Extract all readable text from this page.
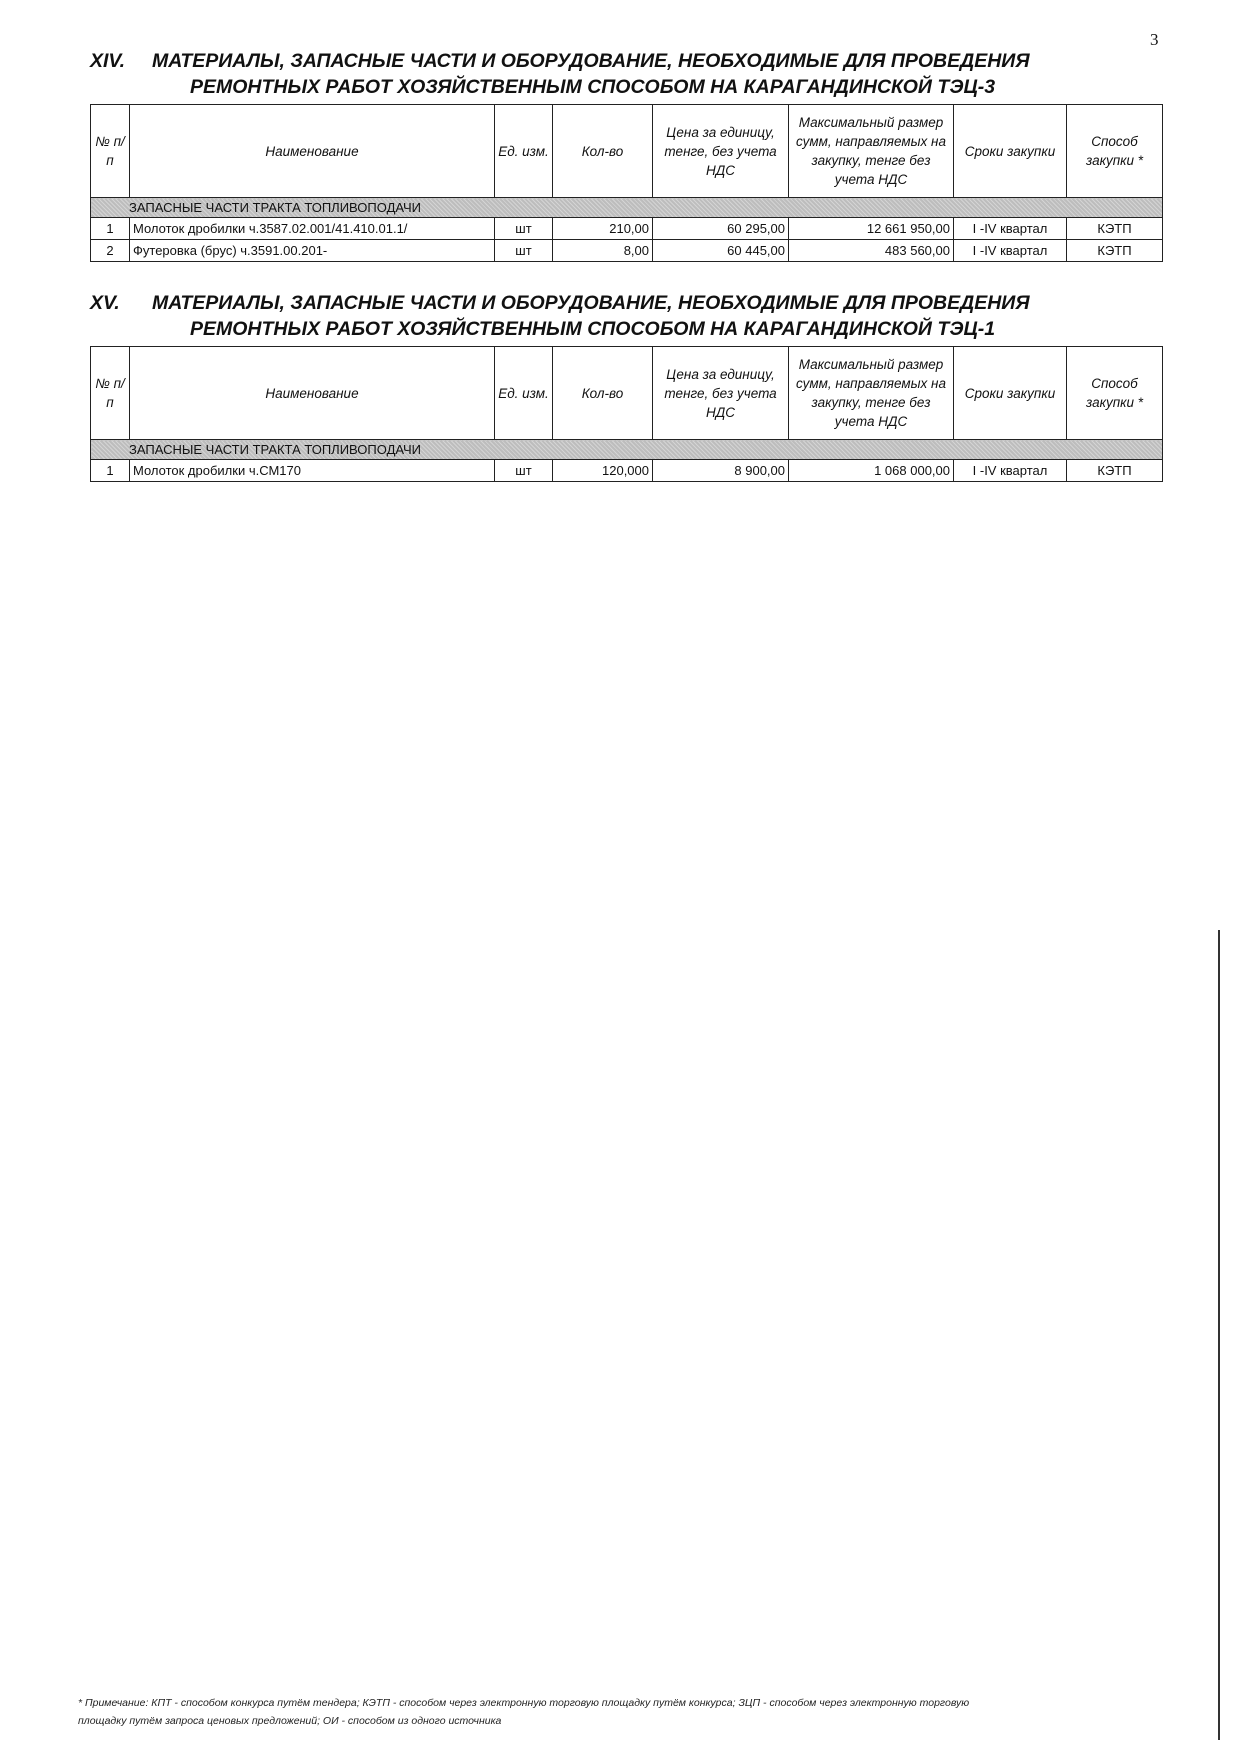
3
XIV.	МАТЕРИАЛЫ, ЗАПАСНЫЕ ЧАСТИ И ОБОРУДОВАНИЕ, НЕОБХОДИМЫЕ ДЛЯ ПРОВЕДЕНИЯ
РЕМОНТНЫХ РАБОТ ХОЗЯЙСТВЕННЫМ СПОСОБОМ НА КАРАГАНДИНСКОЙ ТЭЦ-3
№ п/п	Наименование	Ед. изм.	Кол-во	Цена за единицу, тенге, без учета НДС	Максимальный размер сумм, направляемых на закупку, тенге без учета НДС	Сроки закупки	Способ закупки *
ЗАПАСНЫЕ ЧАСТИ ТРАКТА ТОПЛИВОПОДАЧИ							
1	Молоток дробилки ч.3587.02.001/41.410.01.1/	шт	210,00	60 295,00	12 661 950,00	I -IV квартал	КЭТП
2	Футеровка (брус) ч.3591.00.201-	шт	8,00	60 445,00	483 560,00	I -IV квартал	КЭТП
XV.	МАТЕРИАЛЫ, ЗАПАСНЫЕ ЧАСТИ И ОБОРУДОВАНИЕ, НЕОБХОДИМЫЕ ДЛЯ ПРОВЕДЕНИЯ
РЕМОНТНЫХ РАБОТ ХОЗЯЙСТВЕННЫМ СПОСОБОМ НА КАРАГАНДИНСКОЙ ТЭЦ-1
№ п/п	Наименование	Ед. изм.	Кол-во	Цена за единицу, тенге, без учета НДС	Максимальный размер сумм, направляемых на закупку, тенге без учета НДС	Сроки закупки	Способ закупки *
ЗАПАСНЫЕ ЧАСТИ ТРАКТА ТОПЛИВОПОДАЧИ							
1	Молоток дробилки ч.СМ170	шт	120,000	8 900,00	1 068 000,00	I -IV квартал	КЭТП
* Примечание: КПТ - способом конкурса путём тендера; КЭТП - способом через электронную торговую площадку путём конкурса; ЗЦП - способом через электронную торговую
площадку путём запроса ценовых предложений; ОИ - способом из одного источника
